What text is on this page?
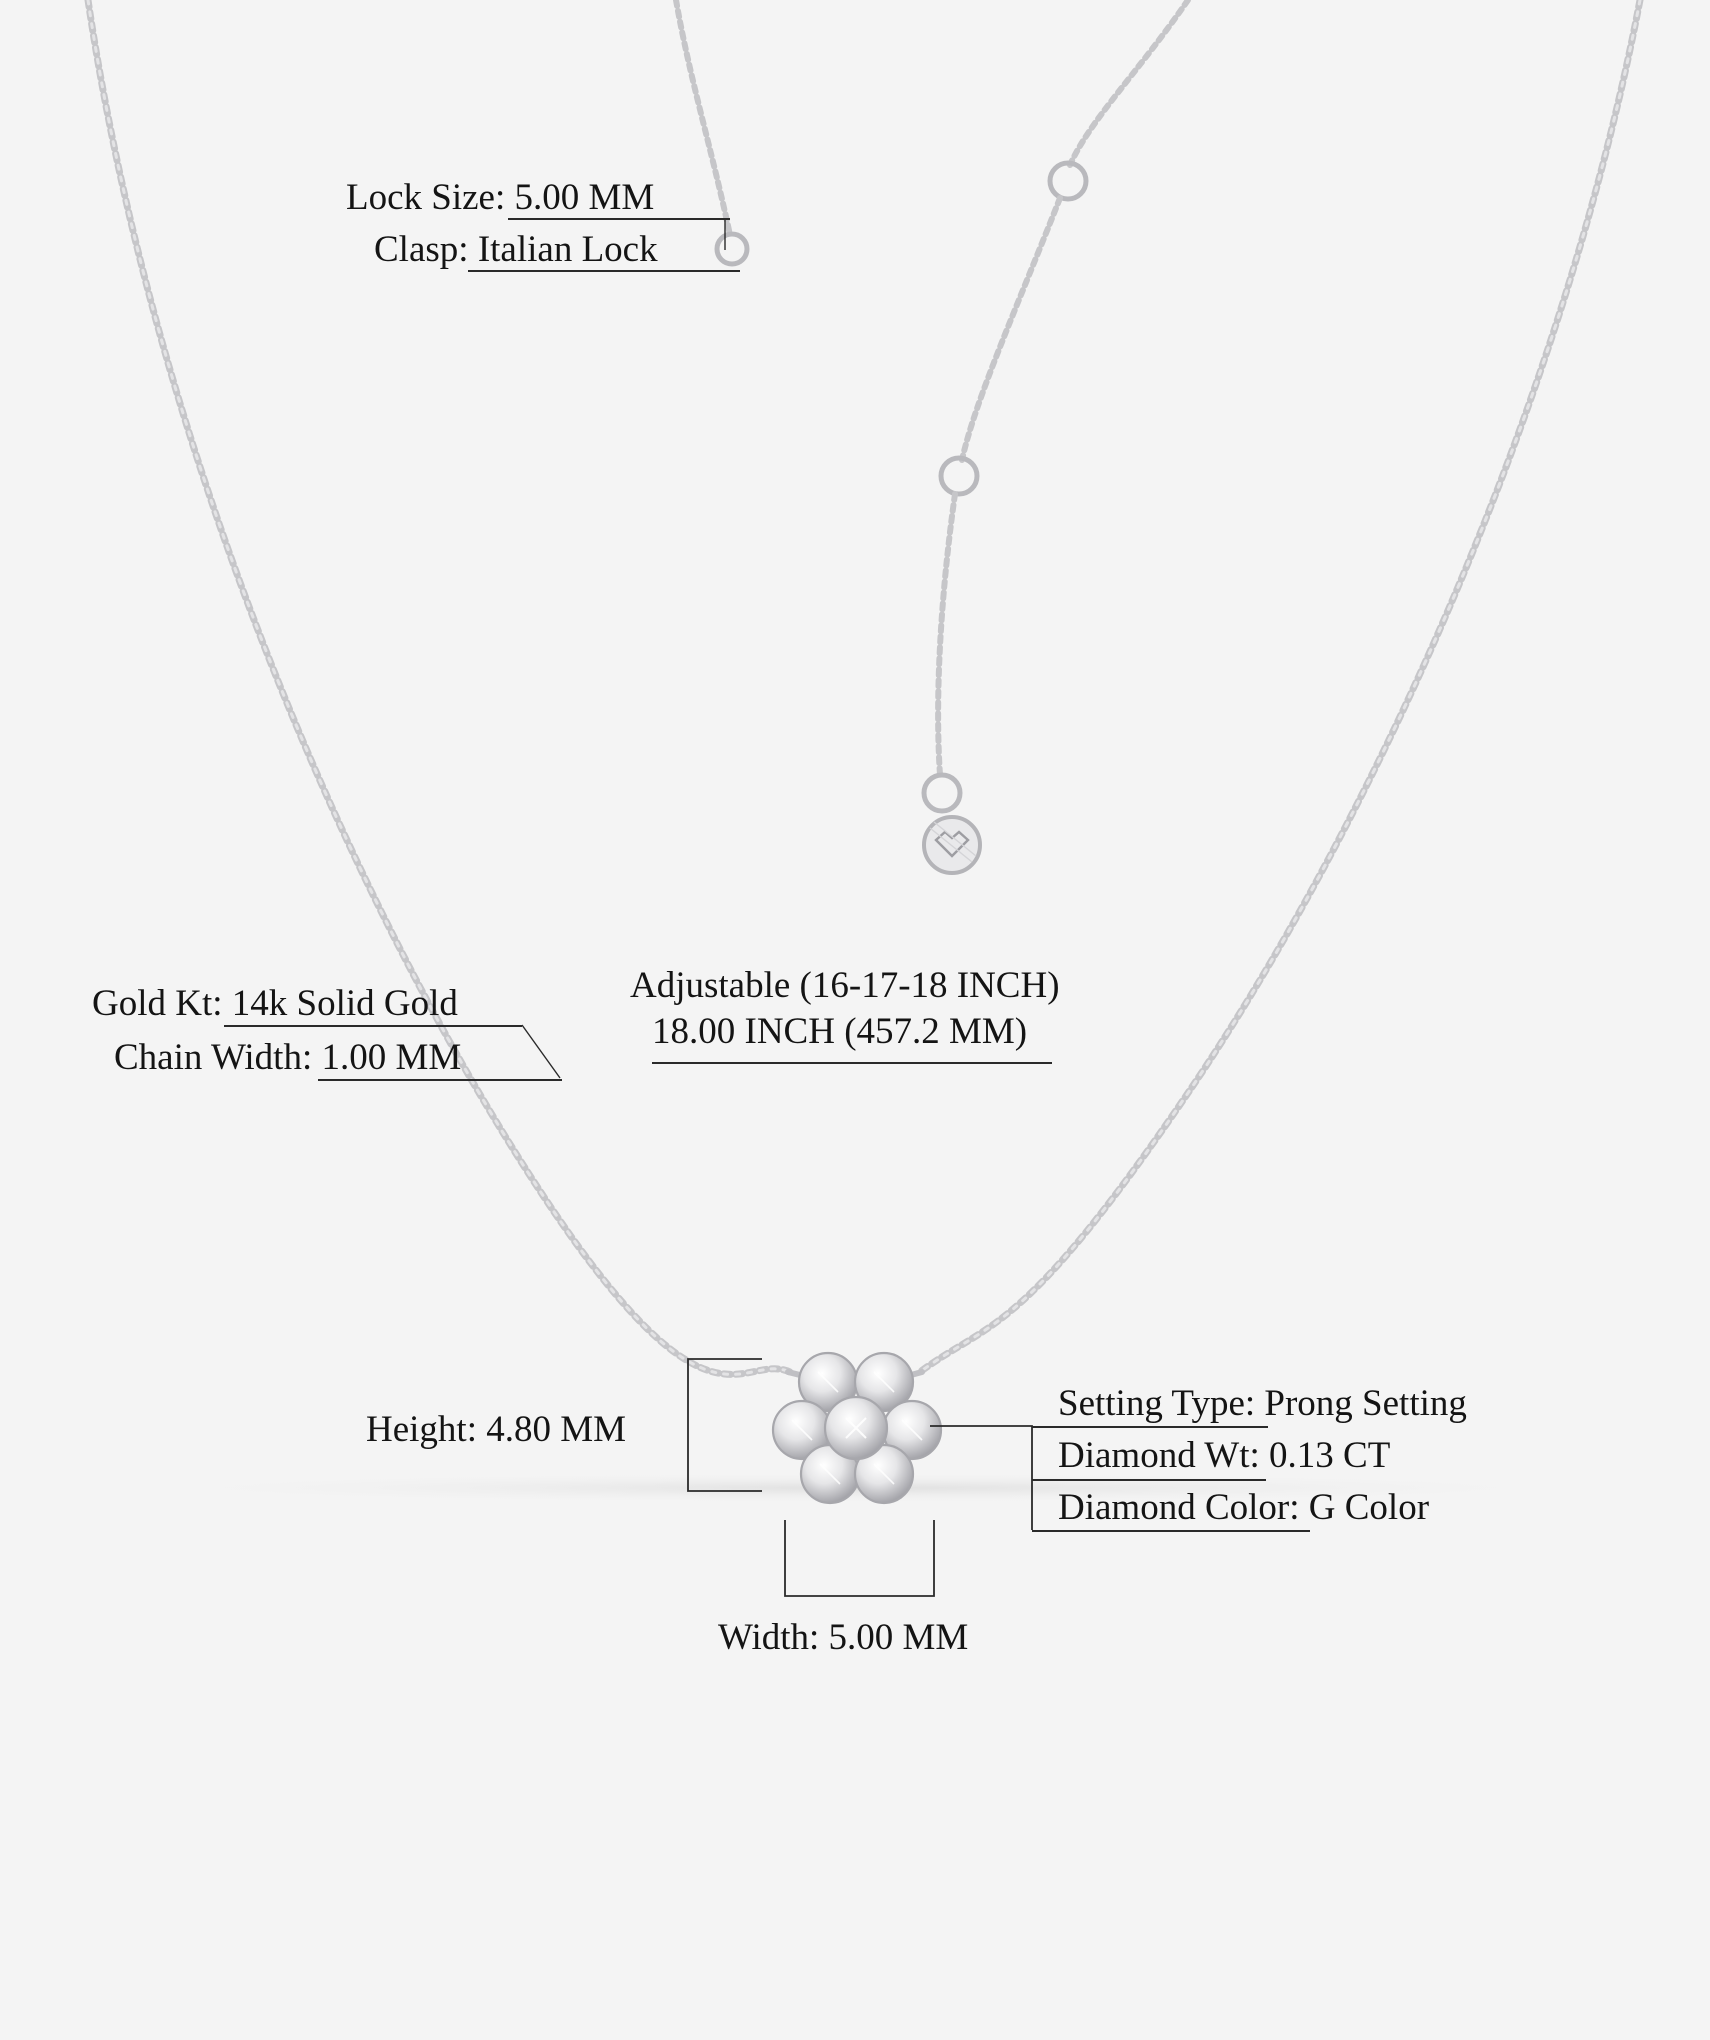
Lock Size: 5.00 MM
Clasp: Italian Lock
Gold Kt: 14k Solid Gold
Chain Width: 1.00 MM
Adjustable (16-17-18 INCH)
18.00 INCH (457.2 MM)
Height: 4.80 MM
Width: 5.00 MM
Setting Type: Prong Setting
Diamond Wt: 0.13 CT
Diamond Color: G Color
